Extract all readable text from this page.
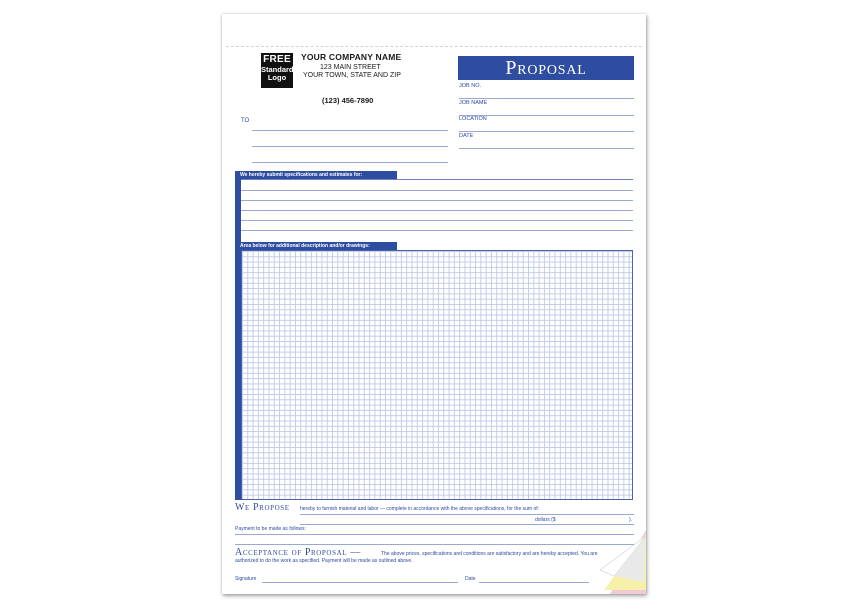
FREE
Standard
Logo
YOUR COMPANY NAME
123 MAIN STREET
YOUR TOWN, STATE AND ZIP
(123) 456-7890
TO
Proposal
JOB NO.
JOB NAME
LOCATION
DATE
We hereby submit specifications and estimates for:
Area below for additional description and/or drawings:
We Propose hereby to furnish material and labor — complete in accordance with the above specifications, for the sum of:
dollars ($	).
Payment to be made as follows:
Acceptance of Proposal —	The above prices, specifications and conditions are satisfactory and are hereby accepted. You are
authorized to do the work as specified. Payment will be made as outlined above.
Signature	Date
